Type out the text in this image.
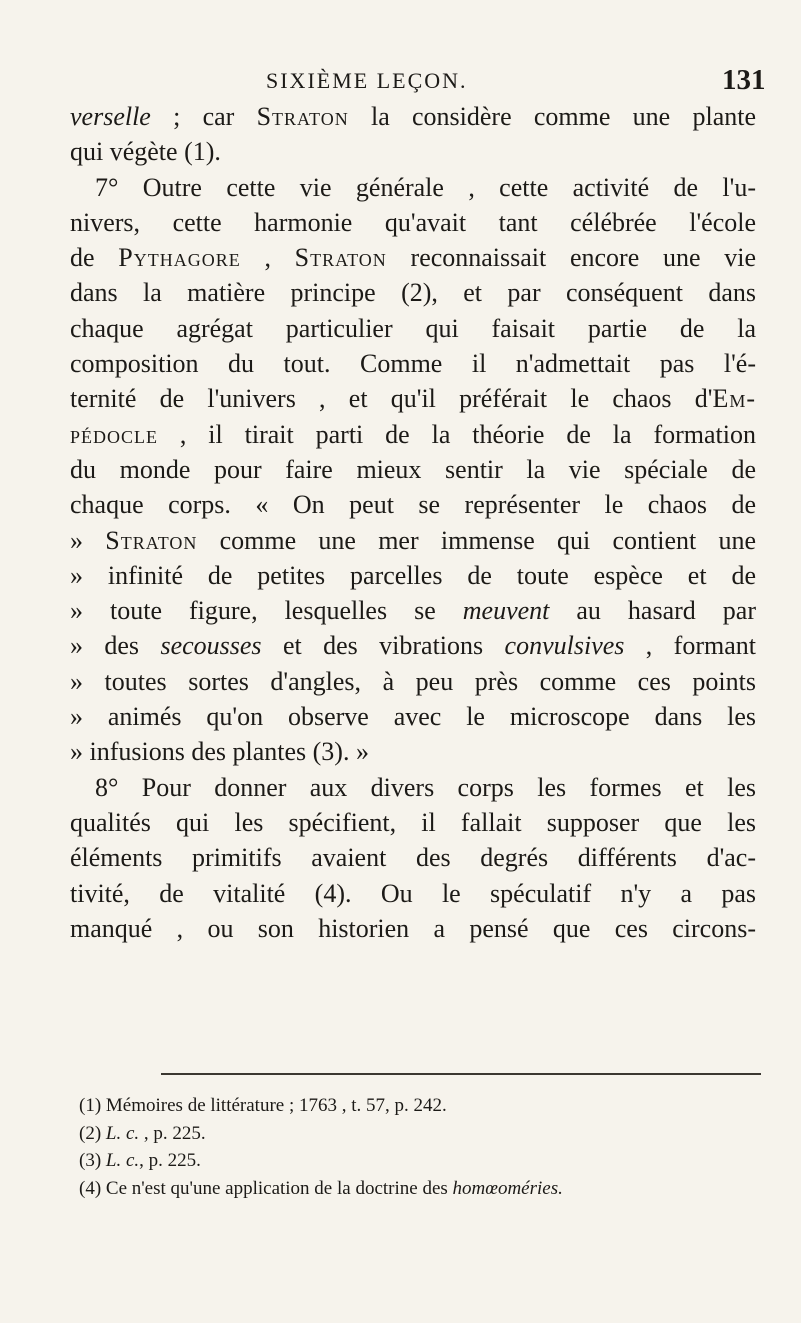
SIXIÈME LEÇON.	131
verselle ; car Straton la considère comme une plante
qui végète (1).
7° Outre cette vie générale , cette activité de l'u-
nivers, cette harmonie qu'avait tant célébrée l'école
de Pythagore , Straton reconnaissait encore une vie
dans la matière principe (2), et par conséquent dans
chaque agrégat particulier qui faisait partie de la
composition du tout. Comme il n'admettait pas l'é-
ternité de l'univers , et qu'il préférait le chaos d'Em-
pédocle , il tirait parti de la théorie de la formation
du monde pour faire mieux sentir la vie spéciale de
chaque corps. « On peut se représenter le chaos de
» Straton comme une mer immense qui contient une
» infinité de petites parcelles de toute espèce et de
» toute figure, lesquelles se meuvent au hasard par
» des secousses et des vibrations convulsives , formant
» toutes sortes d'angles, à peu près comme ces points
» animés qu'on observe avec le microscope dans les
» infusions des plantes (3). »
8° Pour donner aux divers corps les formes et les
qualités qui les spécifient, il fallait supposer que les
éléments primitifs avaient des degrés différents d'ac-
tivité, de vitalité (4). Ou le spéculatif n'y a pas
manqué , ou son historien a pensé que ces circons-
(1) Mémoires de littérature ; 1763 , t. 57, p. 242.
(2) L. c. , p. 225.
(3) L. c., p. 225.
(4) Ce n'est qu'une application de la doctrine des homœoméries.
